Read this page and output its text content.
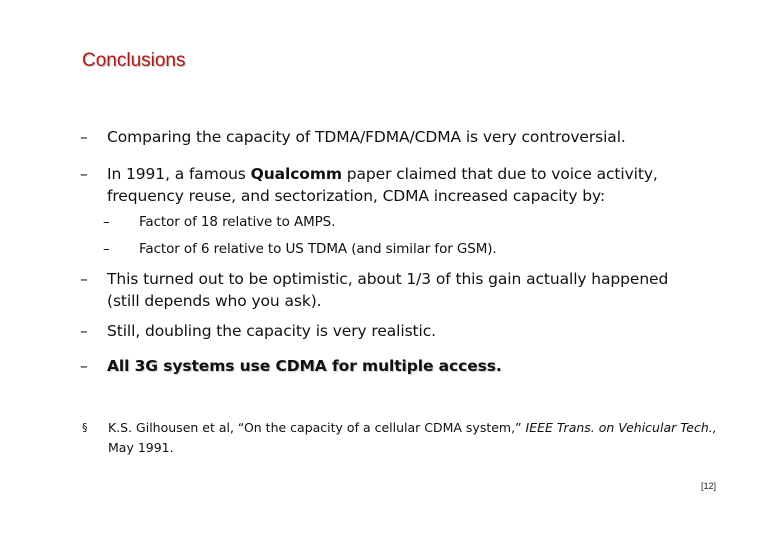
Conclusions
–	Comparing the capacity of TDMA/FDMA/CDMA is very controversial.
–	In 1991, a famous Qualcomm paper claimed that due to voice activity,
frequency reuse, and sectorization, CDMA increased capacity by:
–	Factor of 18 relative to AMPS.
–	Factor of 6 relative to US TDMA (and similar for GSM).
–	This turned out to be optimistic, about 1/3 of this gain actually happened
(still depends who you ask).
–	Still, doubling the capacity is very realistic.
–	All 3G systems use CDMA for multiple access.
§	K.S. Gilhousen et al, “On the capacity of a cellular CDMA system,” IEEE Trans. on Vehicular Tech.,
May 1991.
[12]
